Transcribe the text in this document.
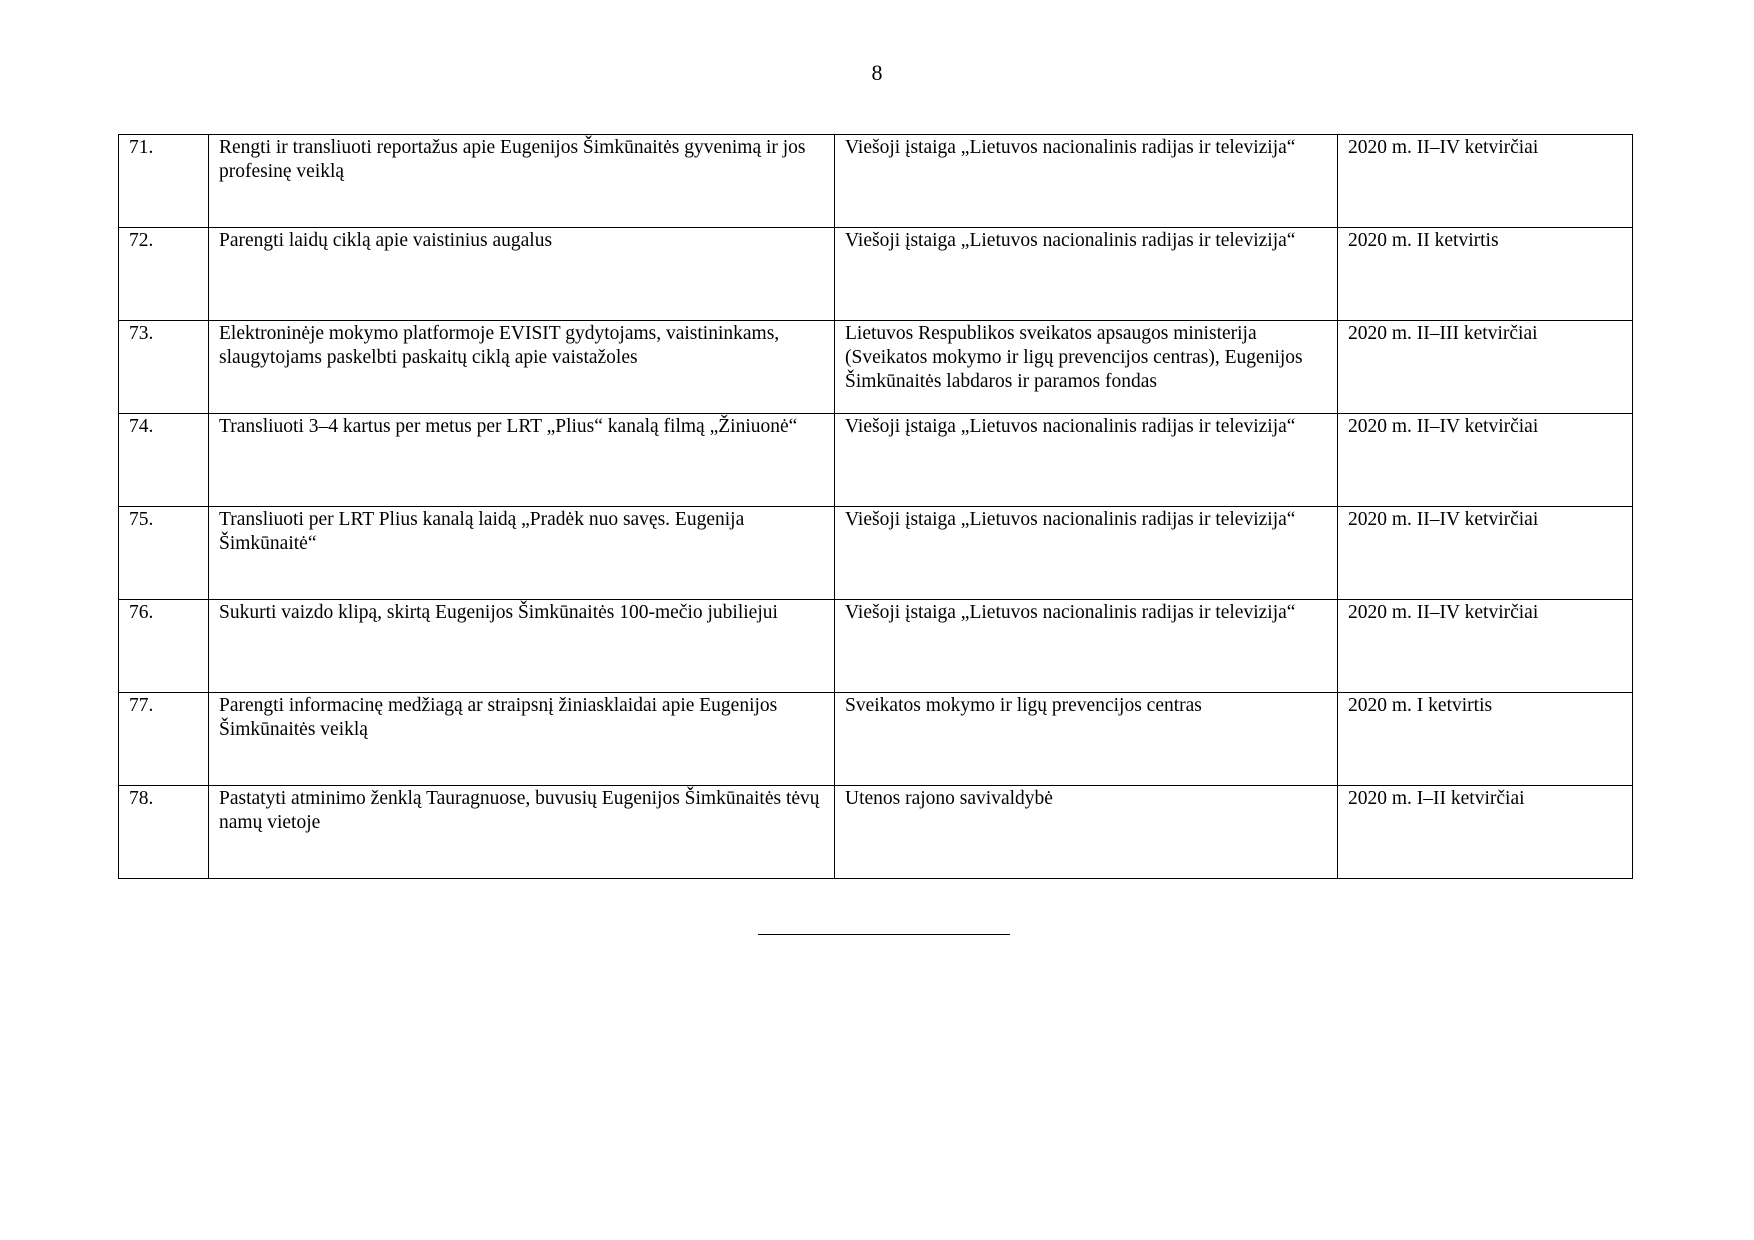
8
71.	Rengti ir transliuoti reportažus apie Eugenijos Šimkūnaitės gyvenimą ir jos profesinę veiklą	Viešoji įstaiga „Lietuvos nacionalinis radijas ir televizija“	2020 m. II–IV ketvirčiai
72.	Parengti laidų ciklą apie vaistinius augalus	Viešoji įstaiga „Lietuvos nacionalinis radijas ir televizija“	2020 m. II ketvirtis
73.	Elektroninėje mokymo platformoje EVISIT gydytojams, vaistininkams, slaugytojams paskelbti paskaitų ciklą apie vaistažoles	Lietuvos Respublikos sveikatos apsaugos ministerija (Sveikatos mokymo ir ligų prevencijos centras), Eugenijos Šimkūnaitės labdaros ir paramos fondas	2020 m. II–III ketvirčiai
74.	Transliuoti 3–4 kartus per metus per LRT „Plius“ kanalą filmą „Žiniuonė“	Viešoji įstaiga „Lietuvos nacionalinis radijas ir televizija“	2020 m. II–IV ketvirčiai
75.	Transliuoti per LRT Plius kanalą laidą „Pradėk nuo savęs. Eugenija Šimkūnaitė“	Viešoji įstaiga „Lietuvos nacionalinis radijas ir televizija“	2020 m. II–IV ketvirčiai
76.	Sukurti vaizdo klipą, skirtą Eugenijos Šimkūnaitės 100-mečio jubiliejui	Viešoji įstaiga „Lietuvos nacionalinis radijas ir televizija“	2020 m. II–IV ketvirčiai
77.	Parengti informacinę medžiagą ar straipsnį žiniasklaidai apie Eugenijos Šimkūnaitės veiklą	Sveikatos mokymo ir ligų prevencijos centras	2020 m. I ketvirtis
78.	Pastatyti atminimo ženklą Tauragnuose, buvusių Eugenijos Šimkūnaitės tėvų namų vietoje	Utenos rajono savivaldybė	2020 m. I–II ketvirčiai
